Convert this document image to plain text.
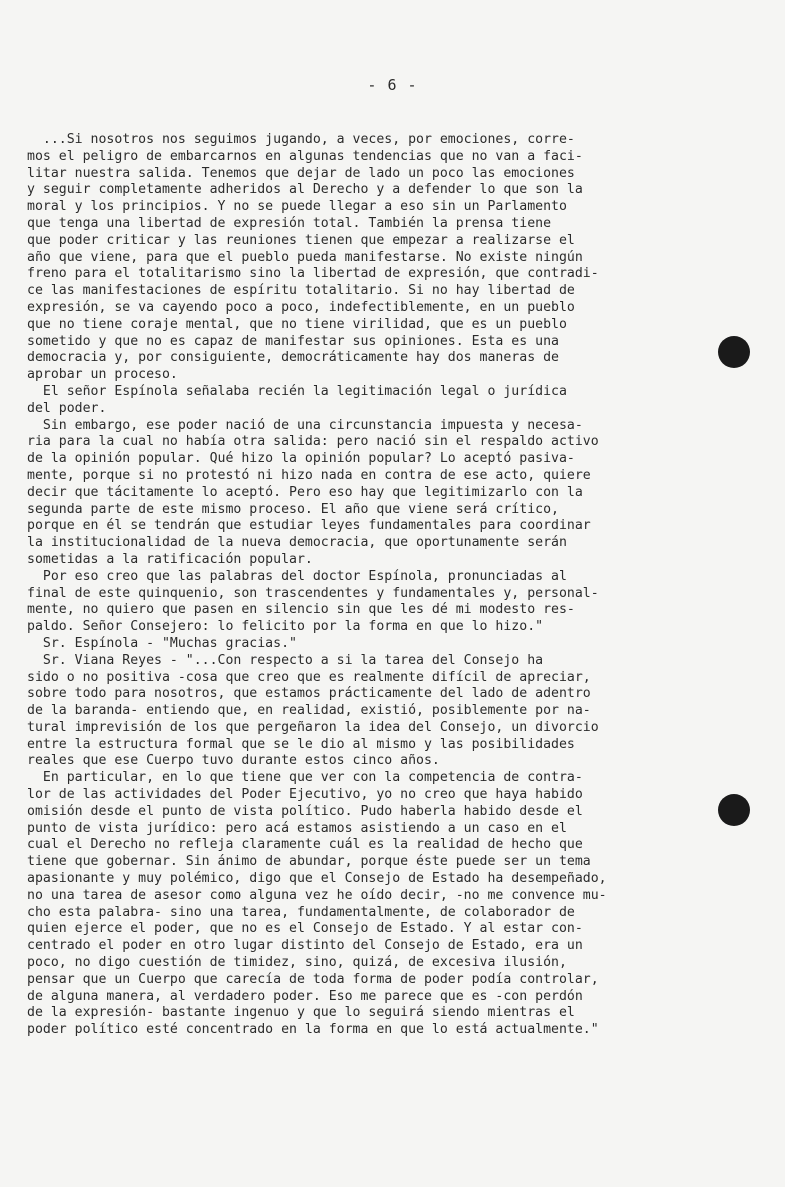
- 6 -
...Si nosotros nos seguimos jugando, a veces, por emociones, corre-
mos el peligro de embarcarnos en algunas tendencias que no van a faci-
litar nuestra salida. Tenemos que dejar de lado un poco las emociones
y seguir completamente adheridos al Derecho y a defender lo que son la
moral y los principios. Y no se puede llegar a eso sin un Parlamento
que tenga una libertad de expresión total. También la prensa tiene
que poder criticar y las reuniones tienen que empezar a realizarse el
año que viene, para que el pueblo pueda manifestarse. No existe ningún
freno para el totalitarismo sino la libertad de expresión, que contradi-
ce las manifestaciones de espíritu totalitario. Si no hay libertad de
expresión, se va cayendo poco a poco, indefectiblemente, en un pueblo
que no tiene coraje mental, que no tiene virilidad, que es un pueblo
sometido y que no es capaz de manifestar sus opiniones. Esta es una
democracia y, por consiguiente, democráticamente hay dos maneras de
aprobar un proceso.
El señor Espínola señalaba recién la legitimación legal o jurídica
del poder.
Sin embargo, ese poder nació de una circunstancia impuesta y necesa-
ria para la cual no había otra salida: pero nació sin el respaldo activo
de la opinión popular. Qué hizo la opinión popular? Lo aceptó pasiva-
mente, porque si no protestó ni hizo nada en contra de ese acto, quiere
decir que tácitamente lo aceptó. Pero eso hay que legitimizarlo con la
segunda parte de este mismo proceso. El año que viene será crítico,
porque en él se tendrán que estudiar leyes fundamentales para coordinar
la institucionalidad de la nueva democracia, que oportunamente serán
sometidas a la ratificación popular.
Por eso creo que las palabras del doctor Espínola, pronunciadas al
final de este quinquenio, son trascendentes y fundamentales y, personal-
mente, no quiero que pasen en silencio sin que les dé mi modesto res-
paldo. Señor Consejero: lo felicito por la forma en que lo hizo."
Sr. Espínola - "Muchas gracias."
Sr. Viana Reyes - "...Con respecto a si la tarea del Consejo ha
sido o no positiva -cosa que creo que es realmente difícil de apreciar,
sobre todo para nosotros, que estamos prácticamente del lado de adentro
de la baranda- entiendo que, en realidad, existió, posiblemente por na-
tural imprevisión de los que pergeñaron la idea del Consejo, un divorcio
entre la estructura formal que se le dio al mismo y las posibilidades
reales que ese Cuerpo tuvo durante estos cinco años.
En particular, en lo que tiene que ver con la competencia de contra-
lor de las actividades del Poder Ejecutivo, yo no creo que haya habido
omisión desde el punto de vista político. Pudo haberla habido desde el
punto de vista jurídico: pero acá estamos asistiendo a un caso en el
cual el Derecho no refleja claramente cuál es la realidad de hecho que
tiene que gobernar. Sin ánimo de abundar, porque éste puede ser un tema
apasionante y muy polémico, digo que el Consejo de Estado ha desempeñado,
no una tarea de asesor como alguna vez he oído decir, -no me convence mu-
cho esta palabra- sino una tarea, fundamentalmente, de colaborador de
quien ejerce el poder, que no es el Consejo de Estado. Y al estar con-
centrado el poder en otro lugar distinto del Consejo de Estado, era un
poco, no digo cuestión de timidez, sino, quizá, de excesiva ilusión,
pensar que un Cuerpo que carecía de toda forma de poder podía controlar,
de alguna manera, al verdadero poder. Eso me parece que es -con perdón
de la expresión- bastante ingenuo y que lo seguirá siendo mientras el
poder político esté concentrado en la forma en que lo está actualmente."
